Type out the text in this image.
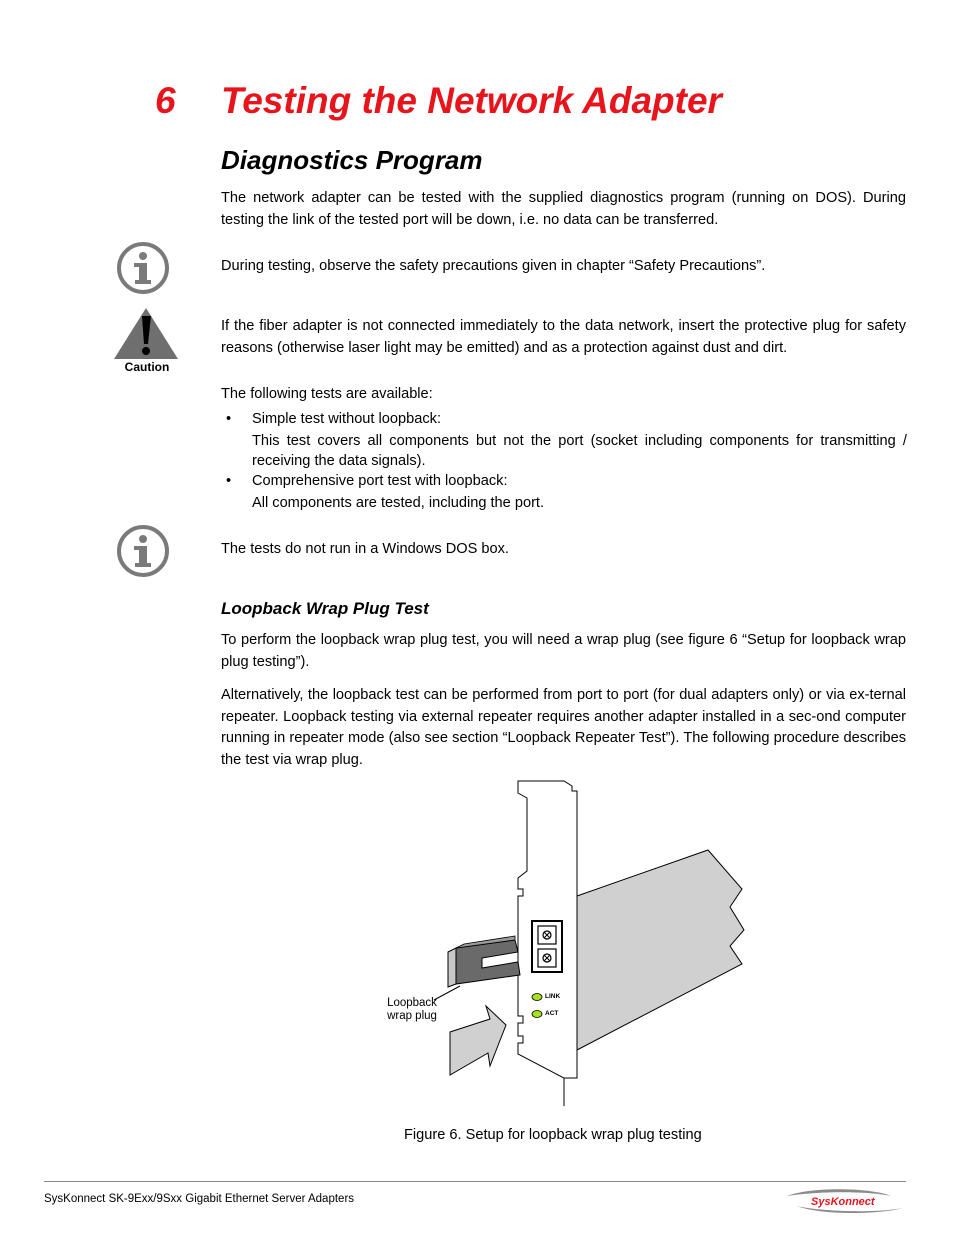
6 Testing the Network Adapter
Diagnostics Program
The network adapter can be tested with the supplied diagnostics program (running on DOS). During testing the link of the tested port will be down, i.e. no data can be transferred.
During testing, observe the safety precautions given in chapter “Safety Precautions”.
Caution
If the fiber adapter is not connected immediately to the data network, insert the protective plug for safety reasons (otherwise laser light may be emitted) and as a protection against dust and dirt.
The following tests are available:
• Simple test without loopback:
This test covers all components but not the port (socket including components for transmitting / receiving the data signals).
• Comprehensive port test with loopback:
All components are tested, including the port.
The tests do not run in a Windows DOS box.
Loopback Wrap Plug Test
To perform the loopback wrap plug test, you will need a wrap plug (see figure 6 “Setup for loopback wrap plug testing”).
Alternatively, the loopback test can be performed from port to port (for dual adapters only) or via ex-ternal repeater. Loopback testing via external repeater requires another adapter installed in a sec-ond computer running in repeater mode (also see section “Loopback Repeater Test”). The following procedure describes the test via wrap plug.
Loopback
wrap plug
LINK
ACT
Figure 6. Setup for loopback wrap plug testing
SysKonnect SK-9Exx/9Sxx Gigabit Ethernet Server Adapters	SysKonnect
